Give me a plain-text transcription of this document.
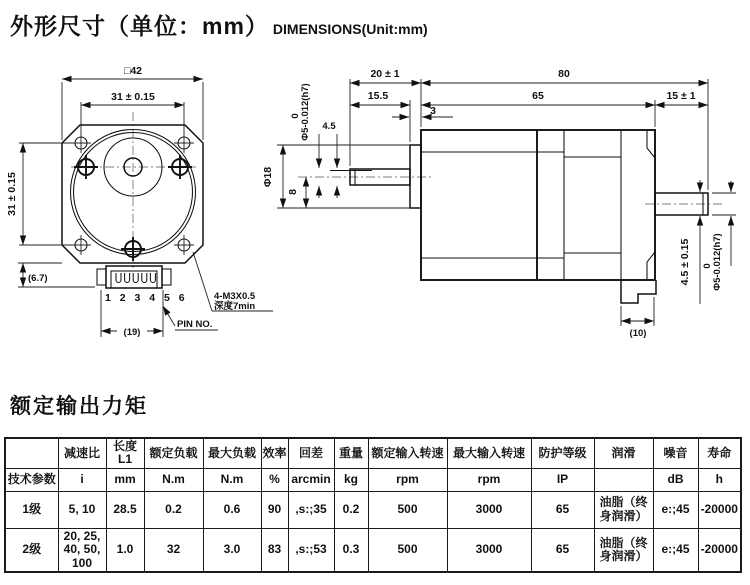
外形尺寸（单位：mm） DIMENSIONS(Unit:mm)
1 2 3 4 5 6
□42
31 ± 0.15
31 ± 0.15
(6.7)
(19)
4-M3X0.5
深度7min
PIN NO.
20 ± 1	80
15.5	65	15 ± 1
3
4.5
Φ5-0.012(h7)
0
Φ18
8
4.5 ± 0.15 Φ5-0.012(h7)
0
(10)
额定输出力矩
	减速比	长度L1	额定负载	最大负载	效率	回差	重量	额定输入转速	最大输入转速	防护等级	润滑	噪音	寿命
技术参数	i	mm	N.m	N.m	%	arcmin	kg	rpm	rpm	IP		dB	h
1级	5, 10	28.5	0.2	0.6	90	,s:;35	0.2	500	3000	65	油脂（终身润滑）	e:;45	-20000
2级	20, 25, 40, 50, 100	1.0	32	3.0	83	,s:;53	0.3	500	3000	65	油脂（终身润滑）	e:;45	-20000
